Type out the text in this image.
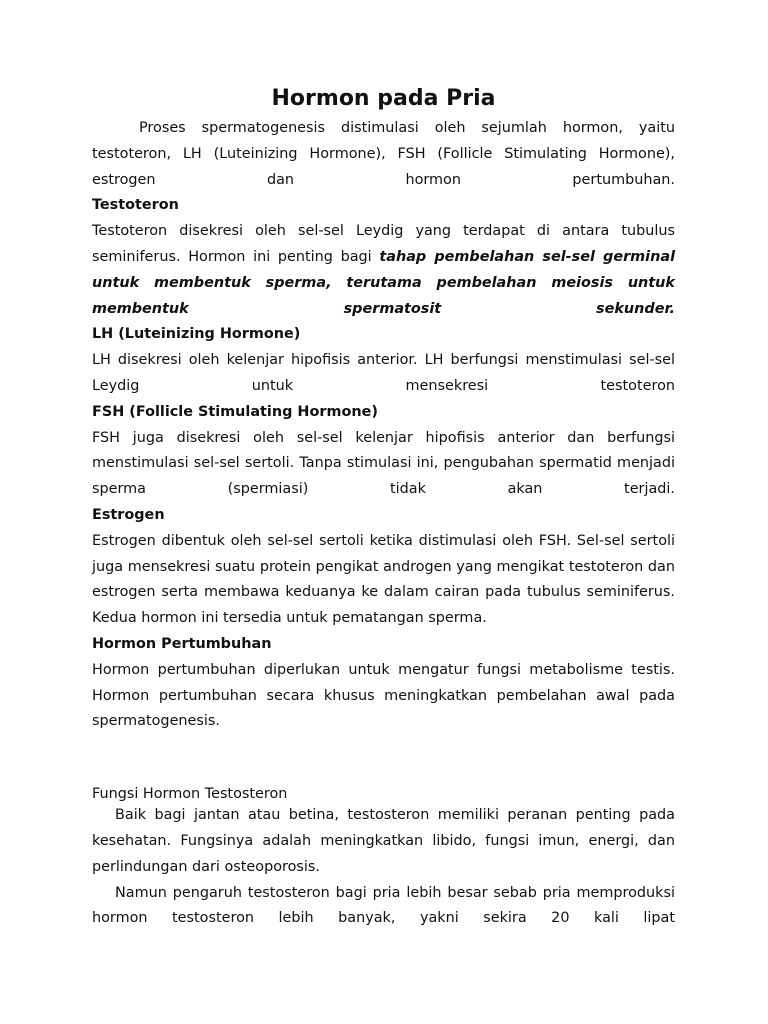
Hormon pada Pria

Proses spermatogenesis distimulasi oleh sejumlah hormon, yaitu testoteron, LH (Luteinizing Hormone), FSH (Follicle Stimulating Hormone), estrogen dan hormon pertumbuhan.

Testoteron

Testoteron disekresi oleh sel-sel Leydig yang terdapat di antara tubulus seminiferus. Hormon ini penting bagi tahap pembelahan sel-sel germinal untuk membentuk sperma, terutama pembelahan meiosis untuk membentuk spermatosit sekunder.

LH (Luteinizing Hormone)

LH disekresi oleh kelenjar hipofisis anterior. LH berfungsi menstimulasi sel-sel Leydig untuk mensekresi testoteron

FSH (Follicle Stimulating Hormone)

FSH juga disekresi oleh sel-sel kelenjar hipofisis anterior dan berfungsi menstimulasi sel-sel sertoli. Tanpa stimulasi ini, pengubahan spermatid menjadi sperma (spermiasi) tidak akan terjadi.

Estrogen

Estrogen dibentuk oleh sel-sel sertoli ketika distimulasi oleh FSH. Sel-sel sertoli juga mensekresi suatu protein pengikat androgen yang mengikat testoteron dan estrogen serta membawa keduanya ke dalam cairan pada tubulus seminiferus. Kedua hormon ini tersedia untuk pematangan sperma.

Hormon Pertumbuhan

Hormon pertumbuhan diperlukan untuk mengatur fungsi metabolisme testis. Hormon pertumbuhan secara khusus meningkatkan pembelahan awal pada spermatogenesis.

Fungsi Hormon Testosteron

Baik bagi jantan atau betina, testosteron memiliki peranan penting pada kesehatan. Fungsinya adalah meningkatkan libido, fungsi imun, energi, dan perlindungan dari osteoporosis.

Namun pengaruh testosteron bagi pria lebih besar sebab pria memproduksi hormon testosteron lebih banyak, yakni sekira 20 kali lipat
